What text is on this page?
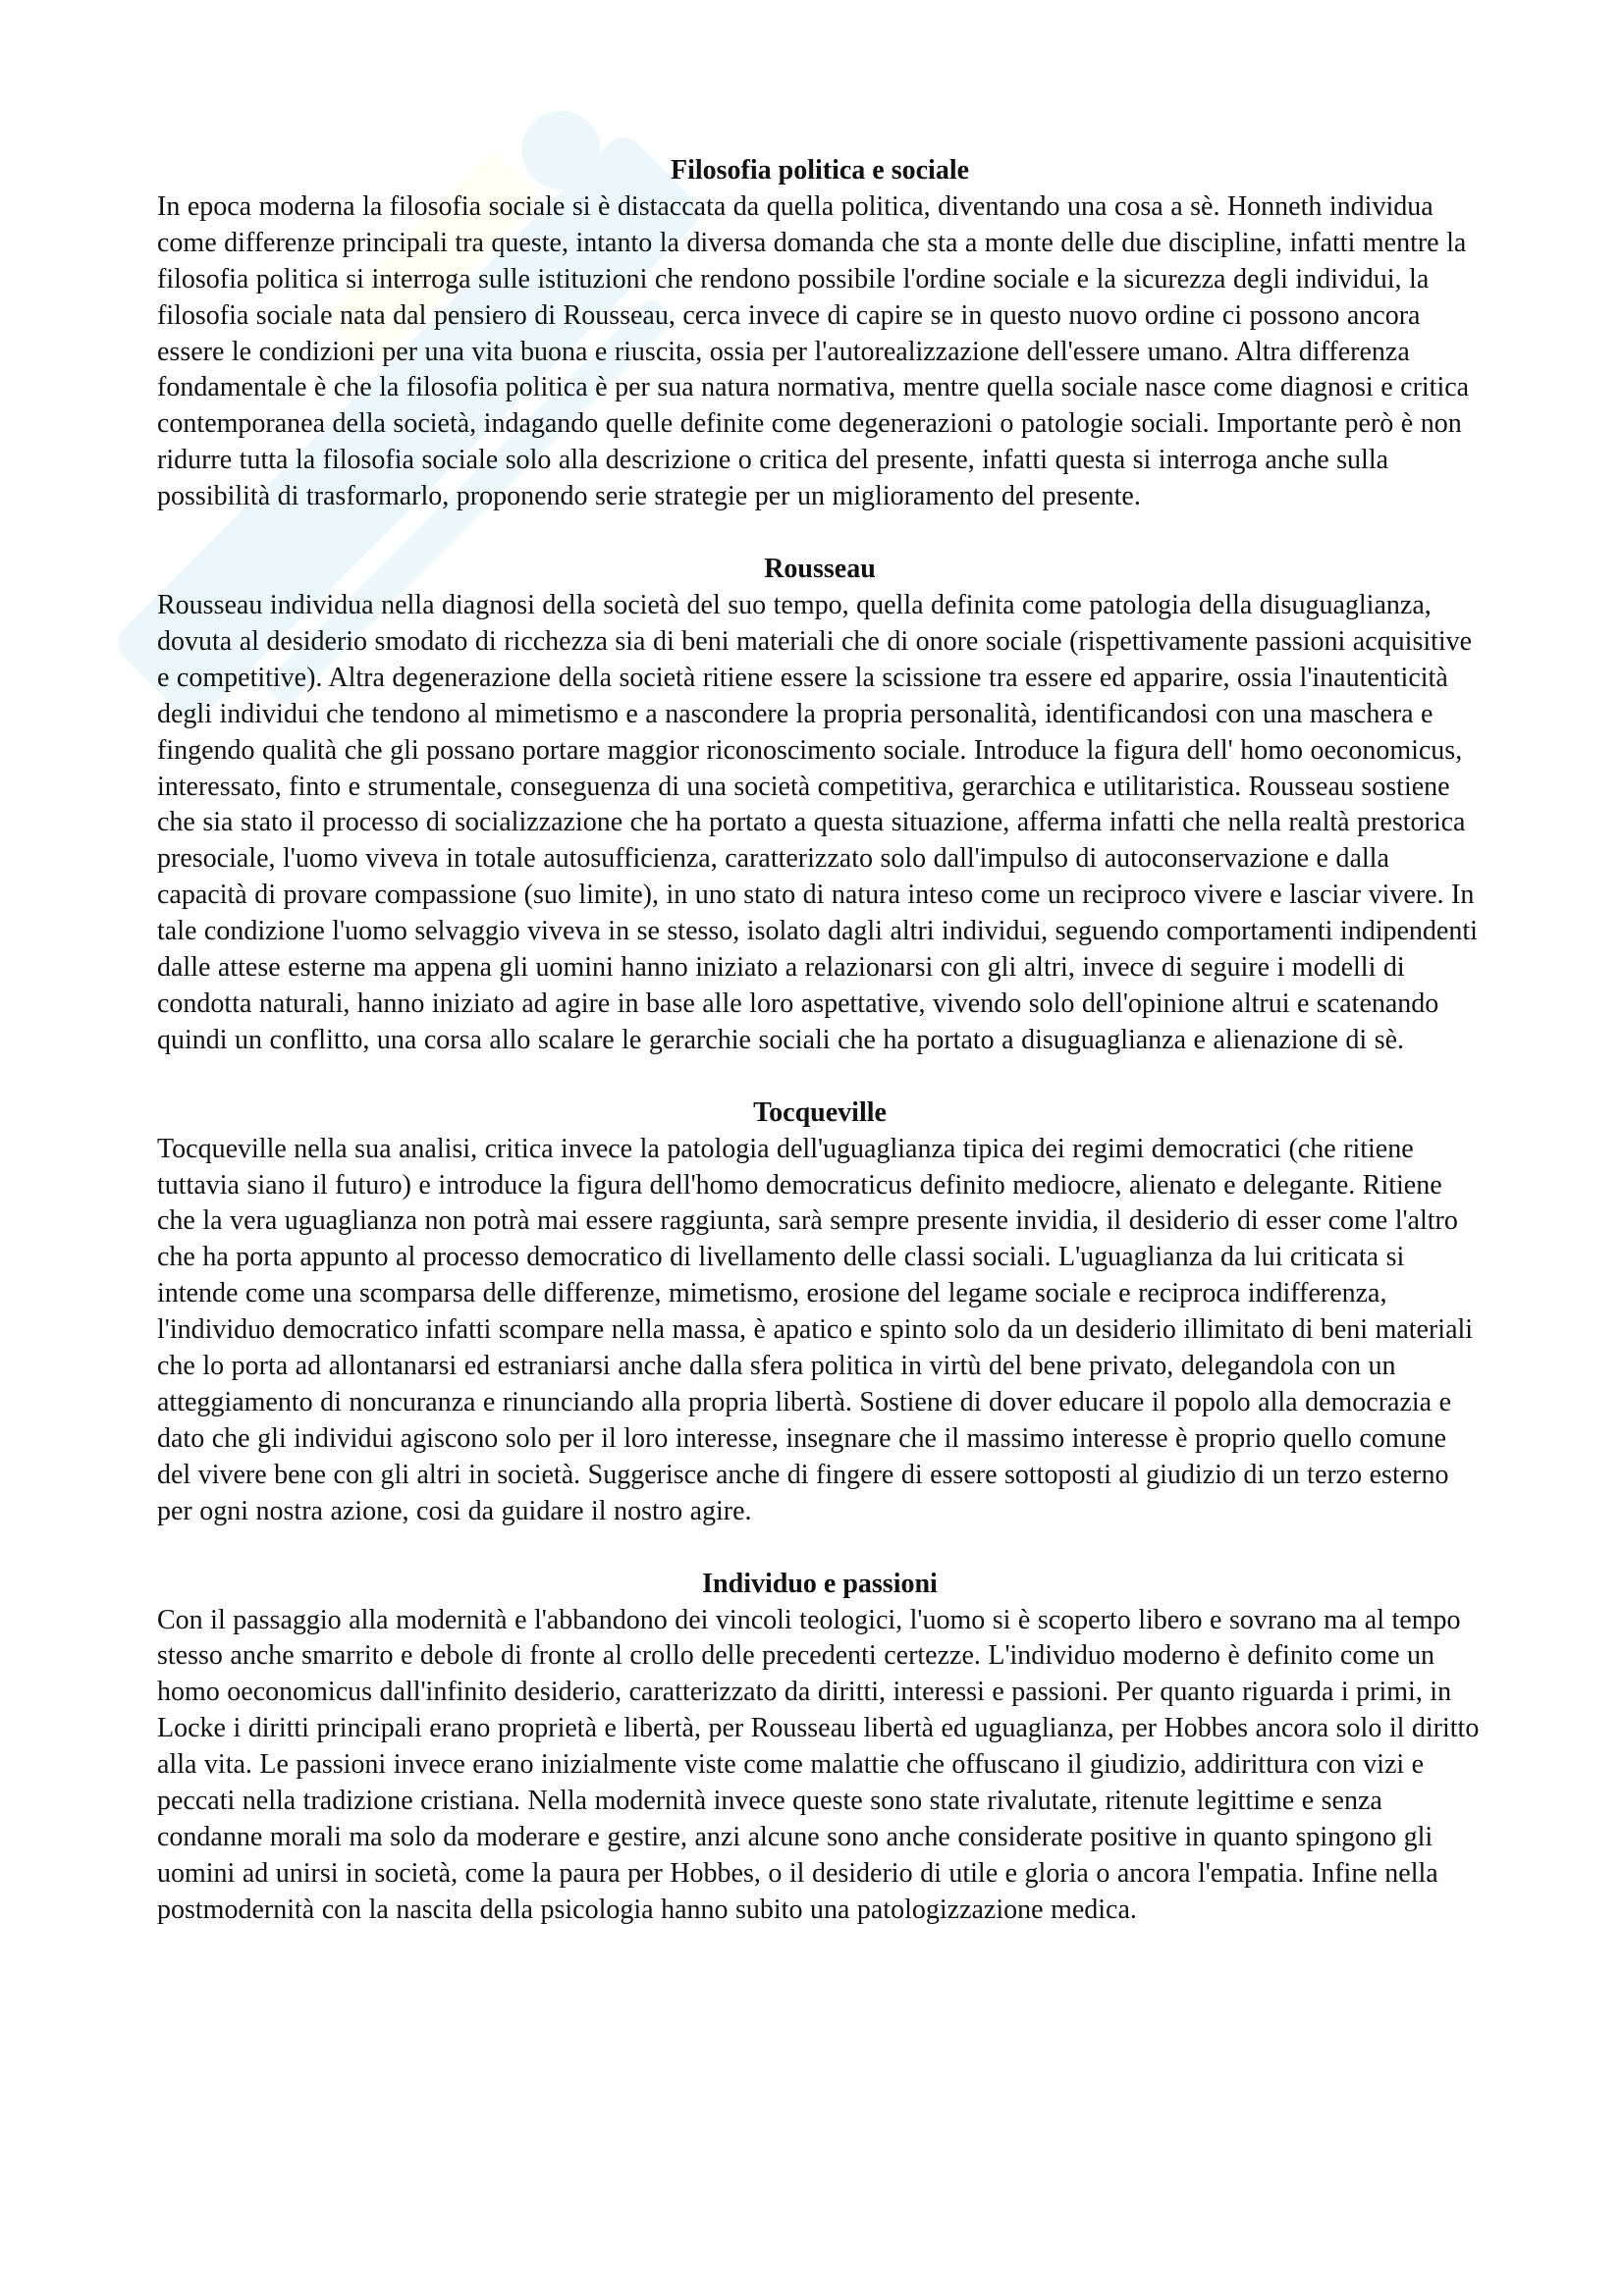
Filosofia politica e sociale

In epoca moderna la filosofia sociale si è distaccata da quella politica, diventando una cosa a sè. Honneth individua come differenze principali tra queste, intanto la diversa domanda che sta a monte delle due discipline, infatti mentre la filosofia politica si interroga sulle istituzioni che rendono possibile l'ordine sociale e la sicurezza degli individui, la filosofia sociale nata dal pensiero di Rousseau, cerca invece di capire se in questo nuovo ordine ci possono ancora essere le condizioni per una vita buona e riuscita, ossia per l'autorealizzazione dell'essere umano. Altra differenza fondamentale è che la filosofia politica è per sua natura normativa, mentre quella sociale nasce come diagnosi e critica contemporanea della società, indagando quelle definite come degenerazioni o patologie sociali. Importante però è non ridurre tutta la filosofia sociale solo alla descrizione o critica del presente, infatti questa si interroga anche sulla possibilità di trasformarlo, proponendo serie strategie per un miglioramento del presente.

Rousseau

Rousseau individua nella diagnosi della società del suo tempo, quella definita come patologia della disuguaglianza, dovuta al desiderio smodato di ricchezza sia di beni materiali che di onore sociale (rispettivamente passioni acquisitive e competitive). Altra degenerazione della società ritiene essere la scissione tra essere ed apparire, ossia l'inautenticità degli individui che tendono al mimetismo e a nascondere la propria personalità, identificandosi con una maschera e fingendo qualità che gli possano portare maggior riconoscimento sociale. Introduce la figura dell' homo oeconomicus, interessato, finto e strumentale, conseguenza di una società competitiva, gerarchica e utilitaristica. Rousseau sostiene che sia stato il processo di socializzazione che ha portato a questa situazione, afferma infatti che nella realtà prestorica presociale, l'uomo viveva in totale autosufficienza, caratterizzato solo dall'impulso di autoconservazione e dalla capacità di provare compassione (suo limite), in uno stato di natura inteso come un reciproco vivere e lasciar vivere. In tale condizione l'uomo selvaggio viveva in se stesso, isolato dagli altri individui, seguendo comportamenti indipendenti dalle attese esterne ma appena gli uomini hanno iniziato a relazionarsi con gli altri, invece di seguire i modelli di condotta naturali, hanno iniziato ad agire in base alle loro aspettative, vivendo solo dell'opinione altrui e scatenando quindi un conflitto, una corsa allo scalare le gerarchie sociali che ha portato a disuguaglianza e alienazione di sè.

Tocqueville

Tocqueville nella sua analisi, critica invece la patologia dell'uguaglianza tipica dei regimi democratici (che ritiene tuttavia siano il futuro) e introduce la figura dell'homo democraticus definito mediocre, alienato e delegante. Ritiene che la vera uguaglianza non potrà mai essere raggiunta, sarà sempre presente invidia, il desiderio di esser come l'altro che ha porta appunto al processo democratico di livellamento delle classi sociali. L'uguaglianza da lui criticata si intende come una scomparsa delle differenze, mimetismo, erosione del legame sociale e reciproca indifferenza, l'individuo democratico infatti scompare nella massa, è apatico e spinto solo da un desiderio illimitato di beni materiali che lo porta ad allontanarsi ed estraniarsi anche dalla sfera politica in virtù del bene privato, delegandola con un atteggiamento di noncuranza e rinunciando alla propria libertà. Sostiene di dover educare il popolo alla democrazia e dato che gli individui agiscono solo per il loro interesse, insegnare che il massimo interesse è proprio quello comune del vivere bene con gli altri in società. Suggerisce anche di fingere di essere sottoposti al giudizio di un terzo esterno per ogni nostra azione, cosi da guidare il nostro agire.

Individuo e passioni

Con il passaggio alla modernità e l'abbandono dei vincoli teologici, l'uomo si è scoperto libero e sovrano ma al tempo stesso anche smarrito e debole di fronte al crollo delle precedenti certezze. L'individuo moderno è definito come un homo oeconomicus dall'infinito desiderio, caratterizzato da diritti, interessi e passioni. Per quanto riguarda i primi, in Locke i diritti principali erano proprietà e libertà, per Rousseau libertà ed uguaglianza, per Hobbes ancora solo il diritto alla vita. Le passioni invece erano inizialmente viste come malattie che offuscano il giudizio, addirittura con vizi e peccati nella tradizione cristiana. Nella modernità invece queste sono state rivalutate, ritenute legittime e senza condanne morali ma solo da moderare e gestire, anzi alcune sono anche considerate positive in quanto spingono gli uomini ad unirsi in società, come la paura per Hobbes, o il desiderio di utile e gloria o ancora l'empatia. Infine nella postmodernità con la nascita della psicologia hanno subito una patologizzazione medica.
